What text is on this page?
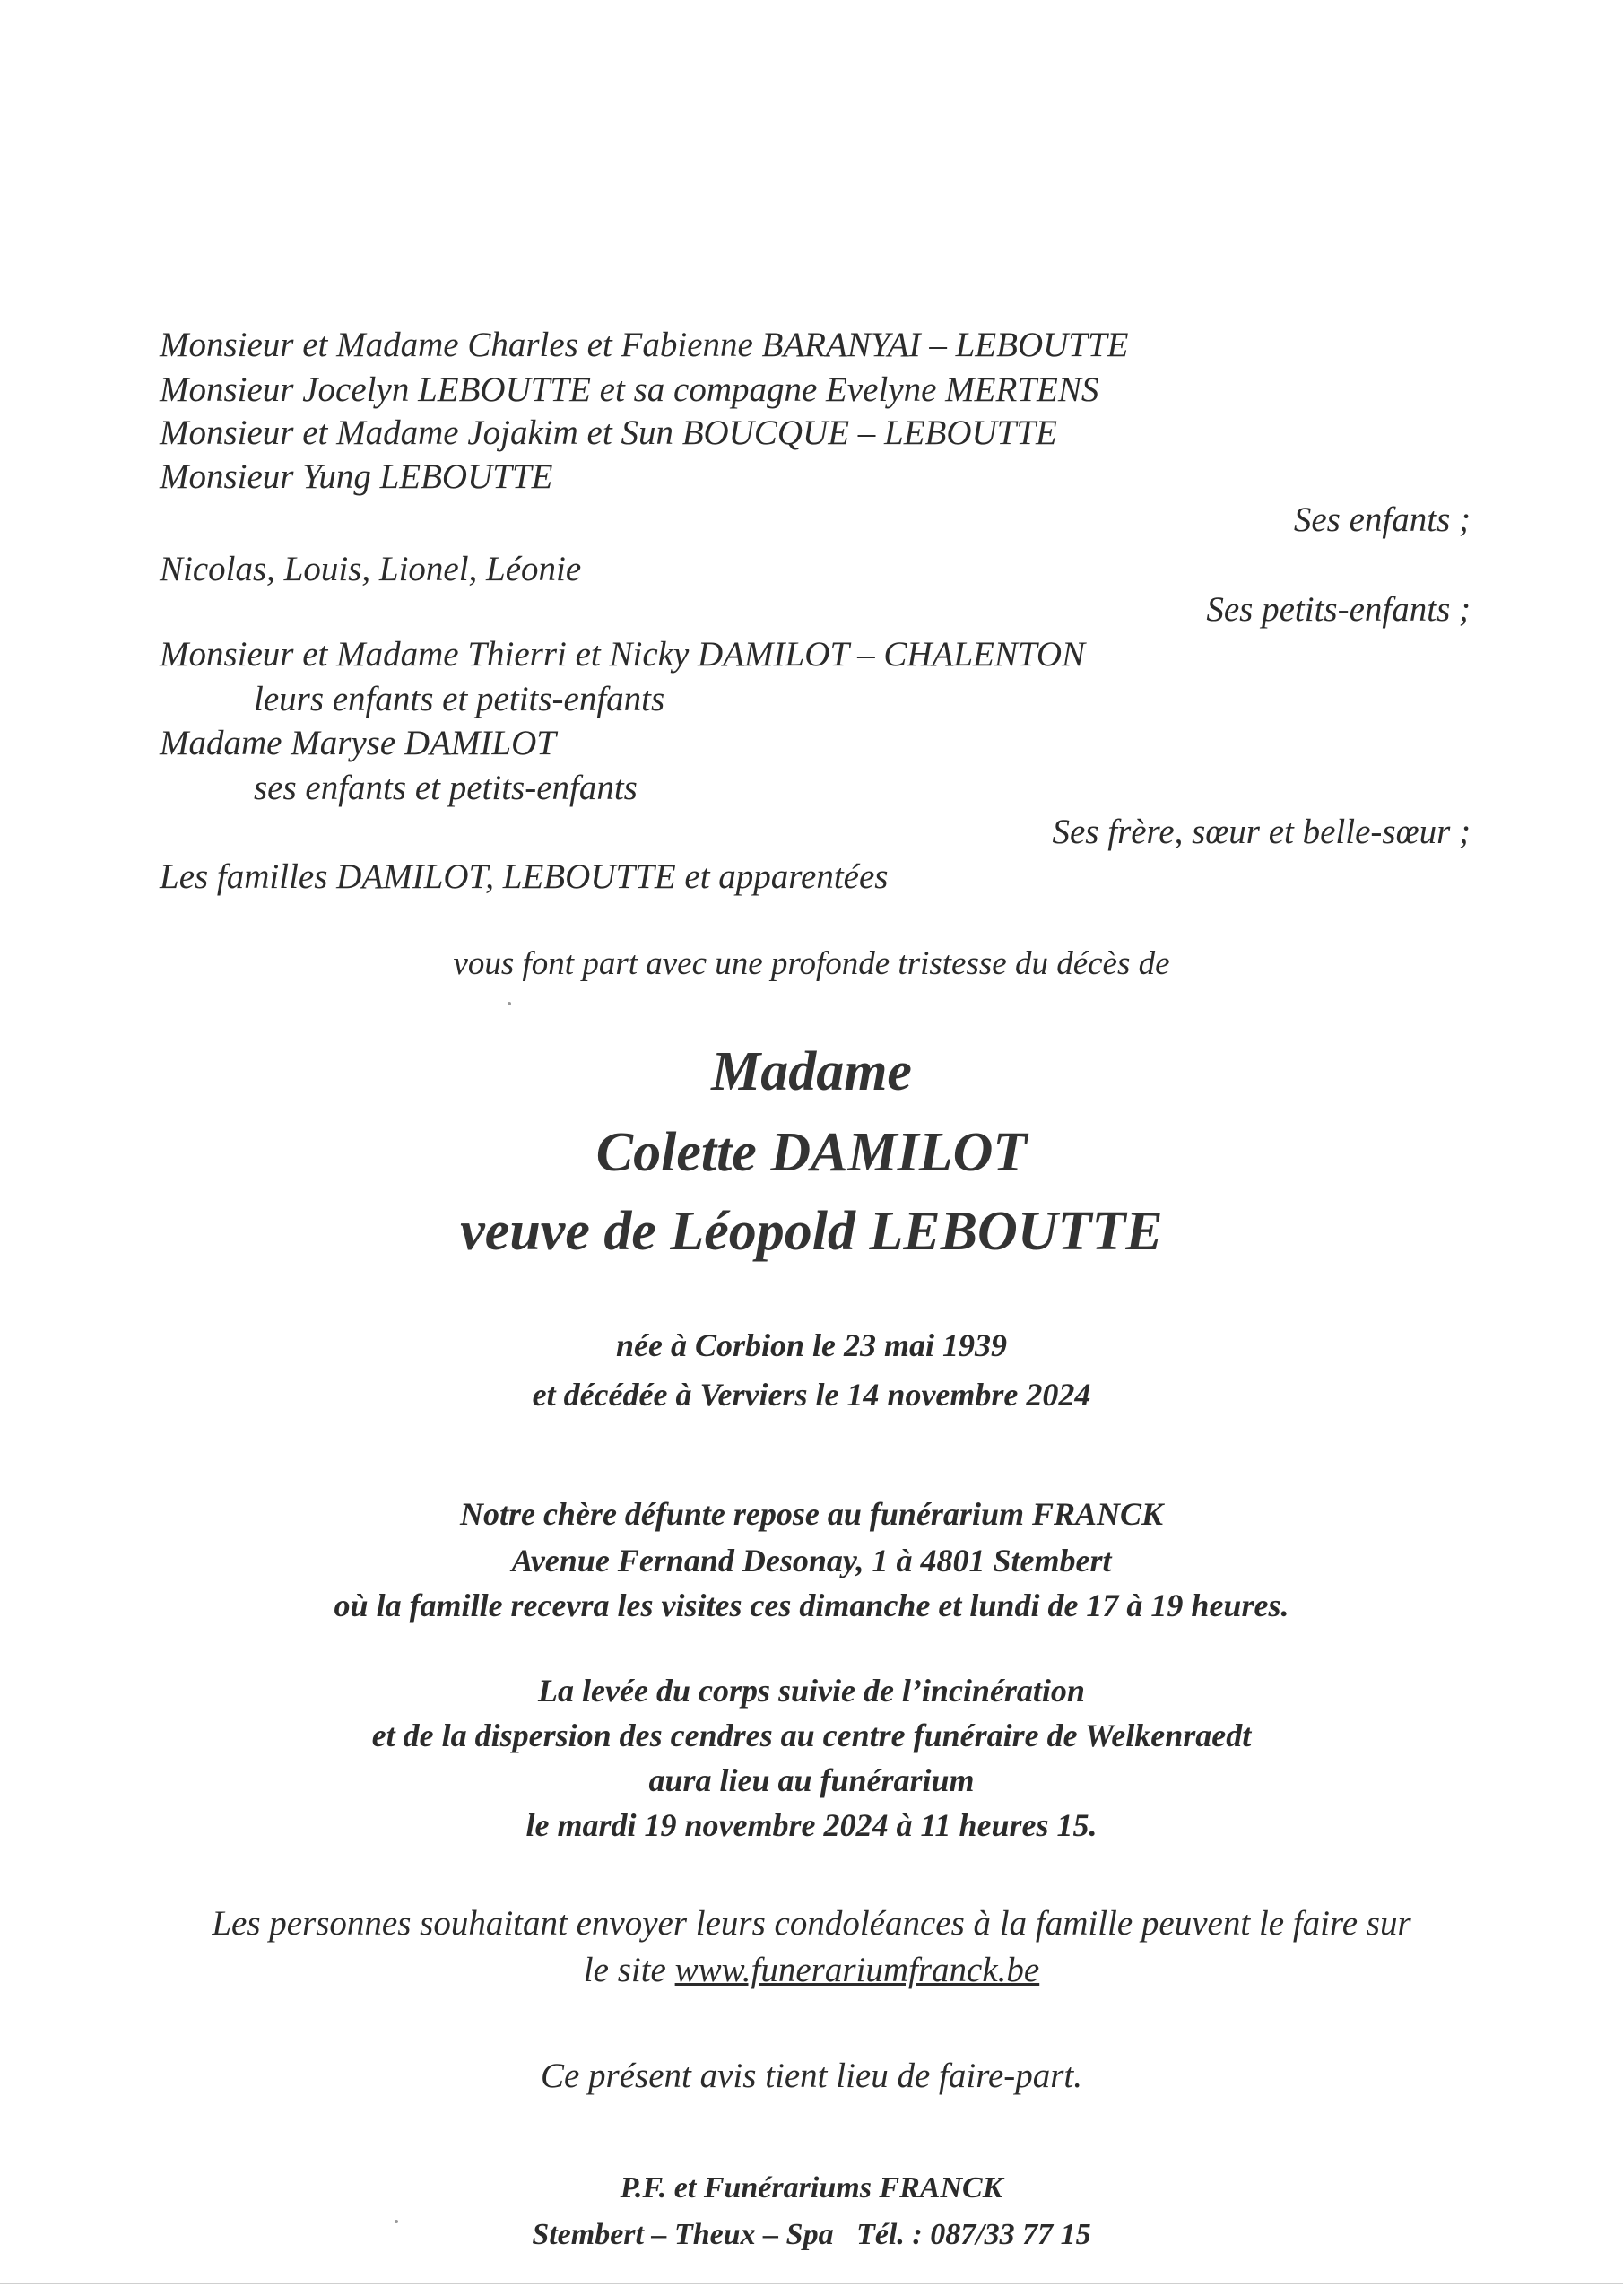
Monsieur et Madame Charles et Fabienne BARANYAI – LEBOUTTE
Monsieur Jocelyn LEBOUTTE et sa compagne Evelyne MERTENS
Monsieur et Madame Jojakim et Sun BOUCQUE – LEBOUTTE
Monsieur Yung LEBOUTTE
Ses enfants ;
Nicolas, Louis, Lionel, Léonie
Ses petits-enfants ;
Monsieur et Madame Thierri et Nicky DAMILOT – CHALENTON
leurs enfants et petits-enfants
Madame Maryse DAMILOT
ses enfants et petits-enfants
Ses frère, sœur et belle-sœur ;
Les familles DAMILOT, LEBOUTTE et apparentées
vous font part avec une profonde tristesse du décès de
Madame
Colette DAMILOT
veuve de Léopold LEBOUTTE
née à Corbion le 23 mai 1939
et décédée à Verviers le 14 novembre 2024
Notre chère défunte repose au funérarium FRANCK
Avenue Fernand Desonay, 1 à 4801 Stembert
où la famille recevra les visites ces dimanche et lundi de 17 à 19 heures.
La levée du corps suivie de l’incinération
et de la dispersion des cendres au centre funéraire de Welkenraedt
aura lieu au funérarium
le mardi 19 novembre 2024 à 11 heures 15.
Les personnes souhaitant envoyer leurs condoléances à la famille peuvent le faire sur
le site www.funerariumfranck.be
Ce présent avis tient lieu de faire-part.
P.F. et Funérariums FRANCK
Stembert – Theux – Spa   Tél. : 087/33 77 15
